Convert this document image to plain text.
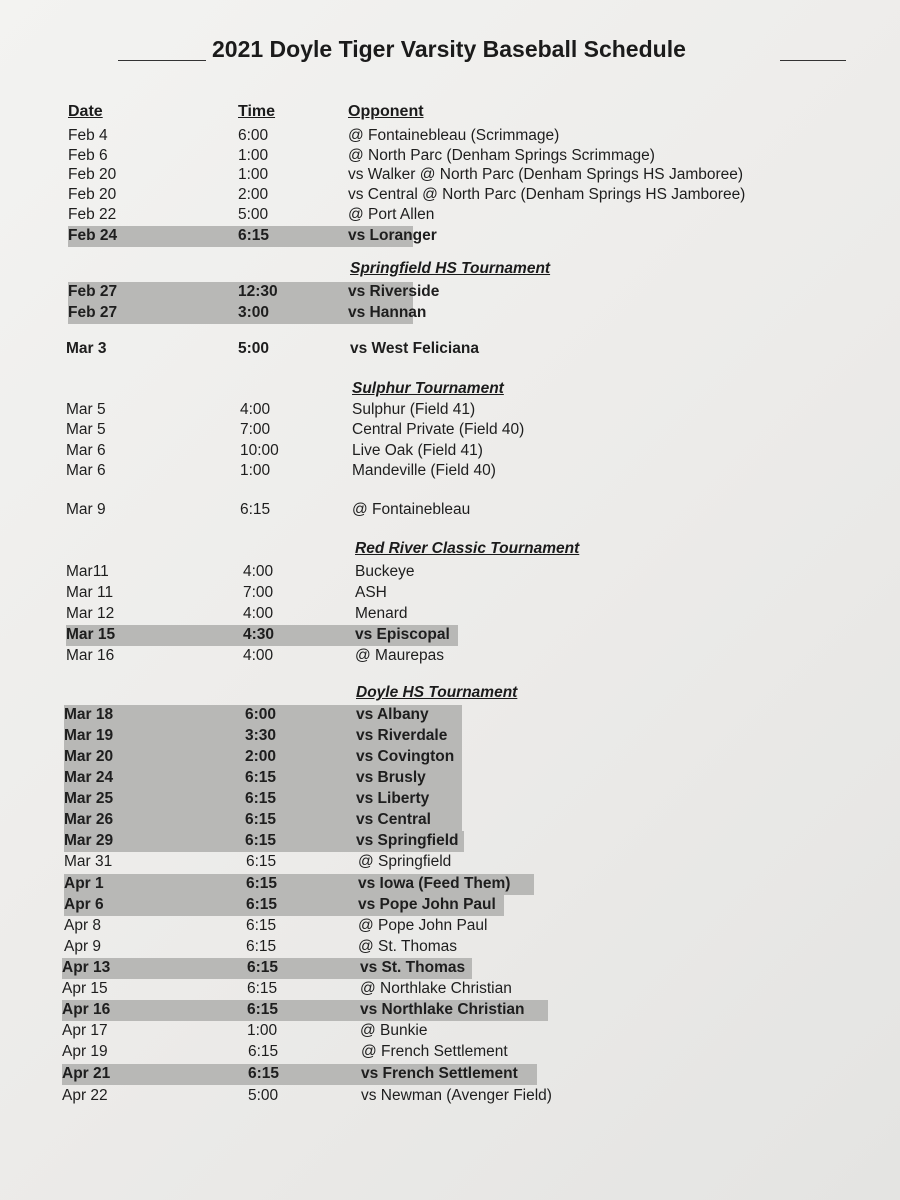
2021 Doyle Tiger Varsity Baseball Schedule
Date	Time	Opponent
Feb 4	6:00	@ Fontainebleau (Scrimmage)
Feb 6	1:00	@ North Parc (Denham Springs Scrimmage)
Feb 20	1:00	vs Walker @ North Parc (Denham Springs HS Jamboree)
Feb 20	2:00	vs Central @ North Parc (Denham Springs HS Jamboree)
Feb 22	5:00	@ Port Allen
Feb 24	6:15	vs Loranger
Springfield HS Tournament
Feb 27	12:30	vs Riverside
Feb 27	3:00	vs Hannan
Mar 3	5:00	vs West Feliciana
Sulphur Tournament
Mar 5	4:00	Sulphur (Field 41)
Mar 5	7:00	Central Private (Field 40)
Mar 6	10:00	Live Oak (Field 41)
Mar 6	1:00	Mandeville (Field 40)
Mar 9	6:15	@ Fontainebleau
Red River Classic Tournament
Mar11	4:00	Buckeye
Mar 11	7:00	ASH
Mar 12	4:00	Menard
Mar 15	4:30	vs Episcopal
Mar 16	4:00	@ Maurepas
Doyle HS Tournament
Mar 18	6:00	vs Albany
Mar 19	3:30	vs Riverdale
Mar 20	2:00	vs Covington
Mar 24	6:15	vs Brusly
Mar 25	6:15	vs Liberty
Mar 26	6:15	vs Central
Mar 29	6:15	vs Springfield
Mar 31	6:15	@ Springfield
Apr 1	6:15	vs Iowa (Feed Them)
Apr 6	6:15	vs Pope John Paul
Apr 8	6:15	@ Pope John Paul
Apr 9	6:15	@ St. Thomas
Apr 13	6:15	vs St. Thomas
Apr 15	6:15	@ Northlake Christian
Apr 16	6:15	vs Northlake Christian
Apr 17	1:00	@ Bunkie
Apr 19	6:15	@ French Settlement
Apr 21	6:15	vs French Settlement
Apr 22	5:00	vs Newman (Avenger Field)
